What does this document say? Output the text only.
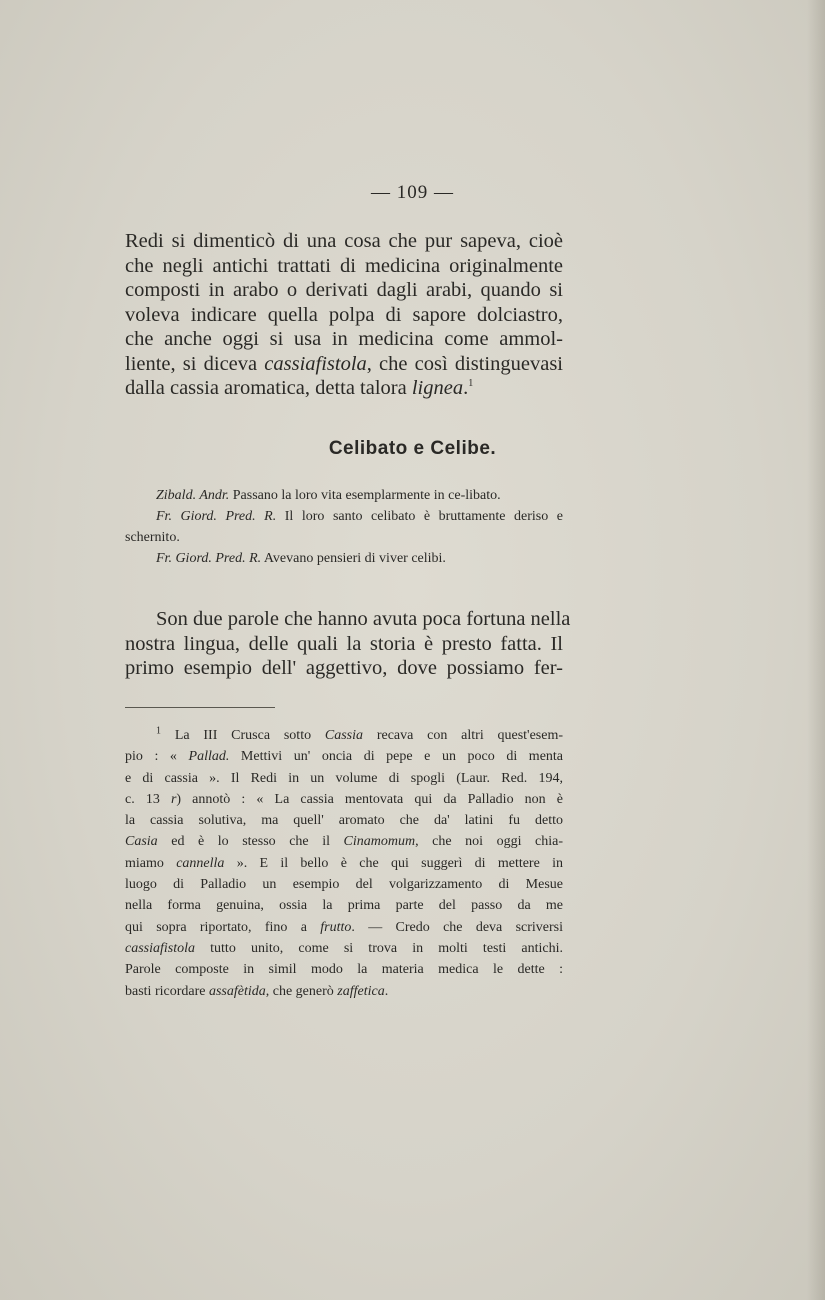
— 109 —
Redi si dimenticò di una cosa che pur sapeva, cioè
che negli antichi trattati di medicina originalmente
composti in arabo o derivati dagli arabi, quando si
voleva indicare quella polpa di sapore dolciastro,
che anche oggi si usa in medicina come ammol-
liente, si diceva cassiafistola, che così distinguevasi
dalla cassia aromatica, detta talora lignea.$^1$
Celibato e Celibe.
Zibald. Andr. Passano la loro vita esemplarmente in ce-libato.
Fr. Giord. Pred. R. Il loro santo celibato è bruttamente deriso e schernito.
Fr. Giord. Pred. R. Avevano pensieri di viver celibi.
Son due parole che hanno avuta poca fortuna nella
nostra lingua, delle quali la storia è presto fatta. Il
primo esempio dell' aggettivo, dove possiamo fer-
$^1$ La III Crusca sotto Cassia recava con altri quest'esem-
pio : « Pallad. Mettivi un' oncia di pepe e un poco di menta
e di cassia ». Il Redi in un volume di spogli (Laur. Red. 194,
c. 13 r) annotò : « La cassia mentovata qui da Palladio non è
la cassia solutiva, ma quell' aromato che da' latini fu detto
Casia ed è lo stesso che il Cinamomum, che noi oggi chia-
miamo cannella ». E il bello è che qui suggerì di mettere in
luogo di Palladio un esempio del volgarizzamento di Mesue
nella forma genuina, ossia la prima parte del passo da me
qui sopra riportato, fino a frutto. — Credo che deva scriversi
cassiafistola tutto unito, come si trova in molti testi antichi.
Parole composte in simil modo la materia medica le dette :
basti ricordare assafètida, che generò zaffetica.
